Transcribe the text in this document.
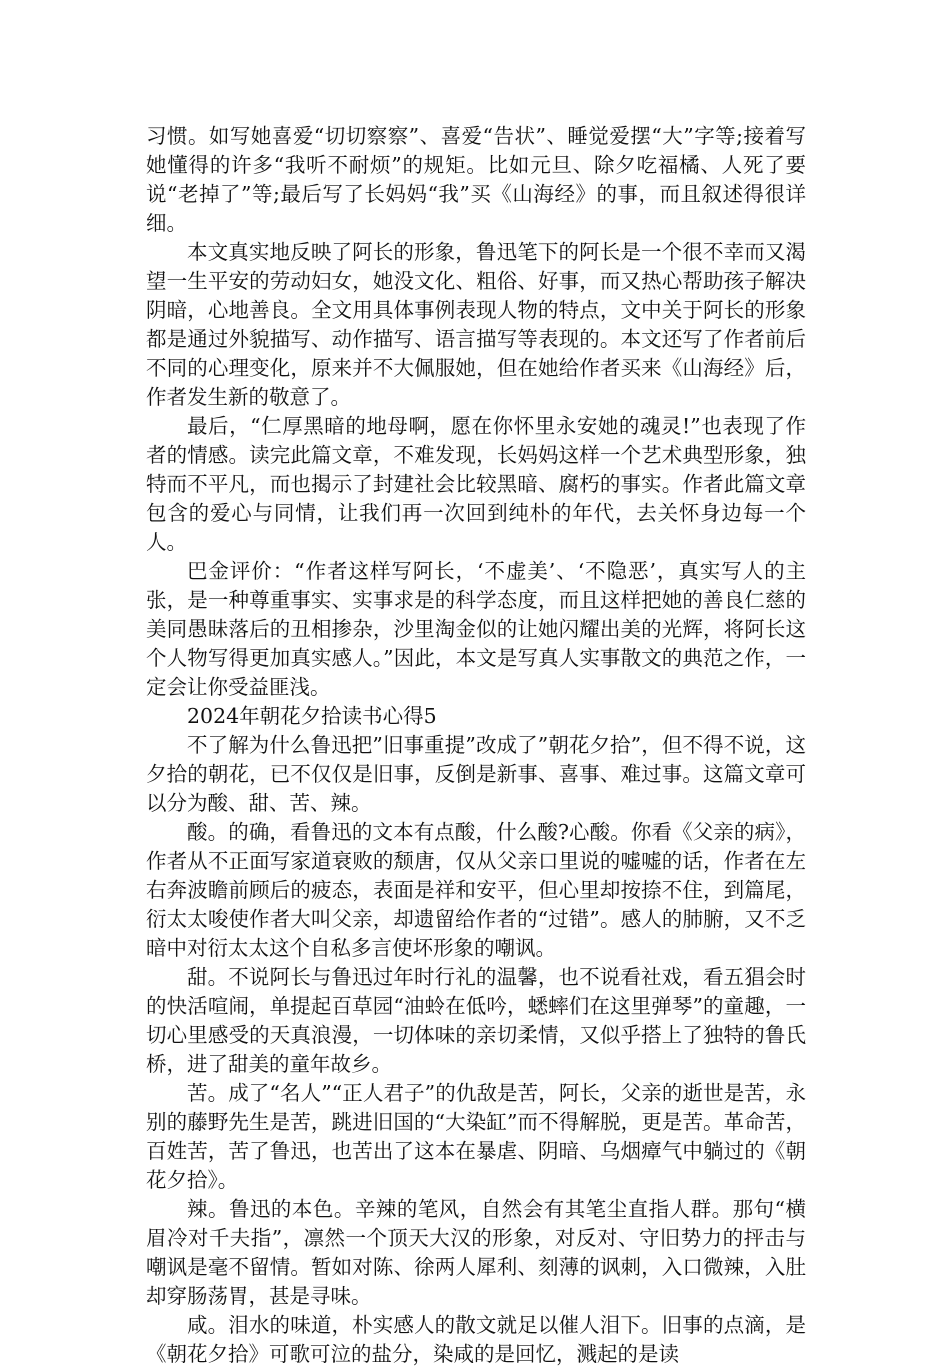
习惯。如写她喜爱“切切察察”、喜爱“告状”、睡觉爱摆“大”字等;接着写她懂得的许多“我听不耐烦”的规矩。比如元旦、除夕吃福橘、人死了要说“老掉了”等;最后写了长妈妈“我”买《山海经》的事，而且叙述得很详细。

本文真实地反映了阿长的形象，鲁迅笔下的阿长是一个很不幸而又渴望一生平安的劳动妇女，她没文化、粗俗、好事，而又热心帮助孩子解决阴暗，心地善良。全文用具体事例表现人物的特点，文中关于阿长的形象都是通过外貌描写、动作描写、语言描写等表现的。本文还写了作者前后不同的心理变化，原来并不大佩服她，但在她给作者买来《山海经》后，作者发生新的敬意了。

最后，“仁厚黑暗的地母啊，愿在你怀里永安她的魂灵!”也表现了作者的情感。读完此篇文章，不难发现，长妈妈这样一个艺术典型形象，独特而不平凡，而也揭示了封建社会比较黑暗、腐朽的事实。作者此篇文章包含的爱心与同情，让我们再一次回到纯朴的年代，去关怀身边每一个人。

巴金评价：“作者这样写阿长，‘不虚美’、‘不隐恶’，真实写人的主张，是一种尊重事实、实事求是的科学态度，而且这样把她的善良仁慈的美同愚昧落后的丑相掺杂，沙里淘金似的让她闪耀出美的光辉，将阿长这个人物写得更加真实感人。”因此，本文是写真人实事散文的典范之作，一定会让你受益匪浅。

2024年朝花夕拾读书心得5

不了解为什么鲁迅把”旧事重提”改成了”朝花夕拾”，但不得不说，这夕拾的朝花，已不仅仅是旧事，反倒是新事、喜事、难过事。这篇文章可以分为酸、甜、苦、辣。

酸。的确，看鲁迅的文本有点酸，什么酸?心酸。你看《父亲的病》，作者从不正面写家道衰败的颓唐，仅从父亲口里说的嘘嘘的话，作者在左右奔波瞻前顾后的疲态，表面是祥和安平，但心里却按捺不住，到篇尾，衍太太唆使作者大叫父亲，却遗留给作者的“过错”。感人的肺腑，又不乏暗中对衍太太这个自私多言使坏形象的嘲讽。

甜。不说阿长与鲁迅过年时行礼的温馨，也不说看社戏，看五猖会时的快活喧闹，单提起百草园“油蛉在低吟，蟋蟀们在这里弹琴”的童趣，一切心里感受的天真浪漫，一切体味的亲切柔情，又似乎搭上了独特的鲁氏桥，进了甜美的童年故乡。

苦。成了“名人”“正人君子”的仇敌是苦，阿长，父亲的逝世是苦，永别的藤野先生是苦，跳进旧国的“大染缸”而不得解脱，更是苦。革命苦，百姓苦，苦了鲁迅，也苦出了这本在暴虐、阴暗、乌烟瘴气中躺过的《朝花夕拾》。

辣。鲁迅的本色。辛辣的笔风，自然会有其笔尘直指人群。那句“横眉冷对千夫指”，凛然一个顶天大汉的形象，对反对、守旧势力的抨击与嘲讽是毫不留情。暂如对陈、徐两人犀利、刻薄的讽刺，入口微辣，入肚却穿肠荡胃，甚是寻味。

咸。泪水的味道，朴实感人的散文就足以催人泪下。旧事的点滴，是《朝花夕拾》可歌可泣的盐分，染咸的是回忆，溅起的是读
